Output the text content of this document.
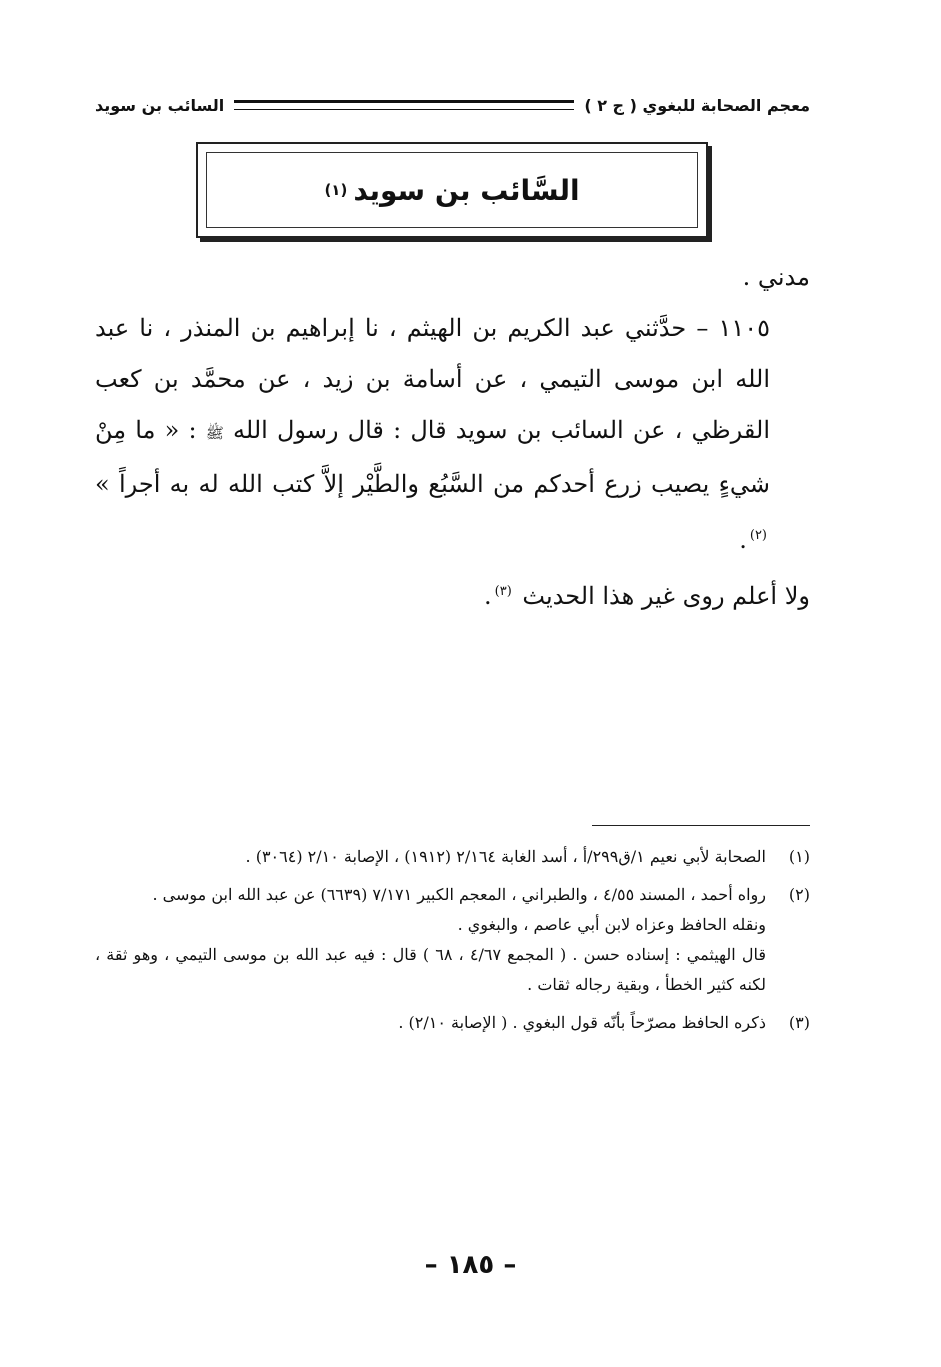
معجم الصحابة للبغوي ( ج ٢ )
السائب بن سويد
السَّائب بن سويد
(١)

مدني .

١١٠٥ – حدَّثني عبد الكريم بن الهيثم ، نا إبراهيم بن المنذر ، نا عبد الله ابن موسى التيمي ، عن أسامة بن زيد ، عن محمَّد بن كعب القرظي ، عن السائب بن سويد قال : قال رسول الله ﷺ : « ما مِنْ شيءٍ يصيب زرع أحدكم من السَّبُع والطَّيْر إلاَّ كتب الله له به أجراً » $^{(٢)}$.

ولا أعلم روى غير هذا الحديث $^{(٣)}$.

(١)

الصحابة لأبي نعيم ١/ق٢٩٩/أ ، أسد الغابة ٢/١٦٤ (١٩١٢) ، الإصابة ٢/١٠ (٣٠٦٤) .

(٢)

رواه أحمد ، المسند ٤/٥٥ ، والطبراني ، المعجم الكبير ٧/١٧١ (٦٦٣٩) عن عبد الله ابن موسى .

ونقله الحافظ وعزاه لابن أبي عاصم ، والبغوي .

قال الهيثمي : إسناده حسن . ( المجمع ٤/٦٧ ، ٦٨ ) قال : فيه عبد الله بن موسى التيمي ، وهو ثقة ، لكنه كثير الخطأ ، وبقية رجاله ثقات .

(٣)

ذكره الحافظ مصرّحاً بأنّه قول البغوي . ( الإصابة ٢/١٠) .

– ١٨٥ –
